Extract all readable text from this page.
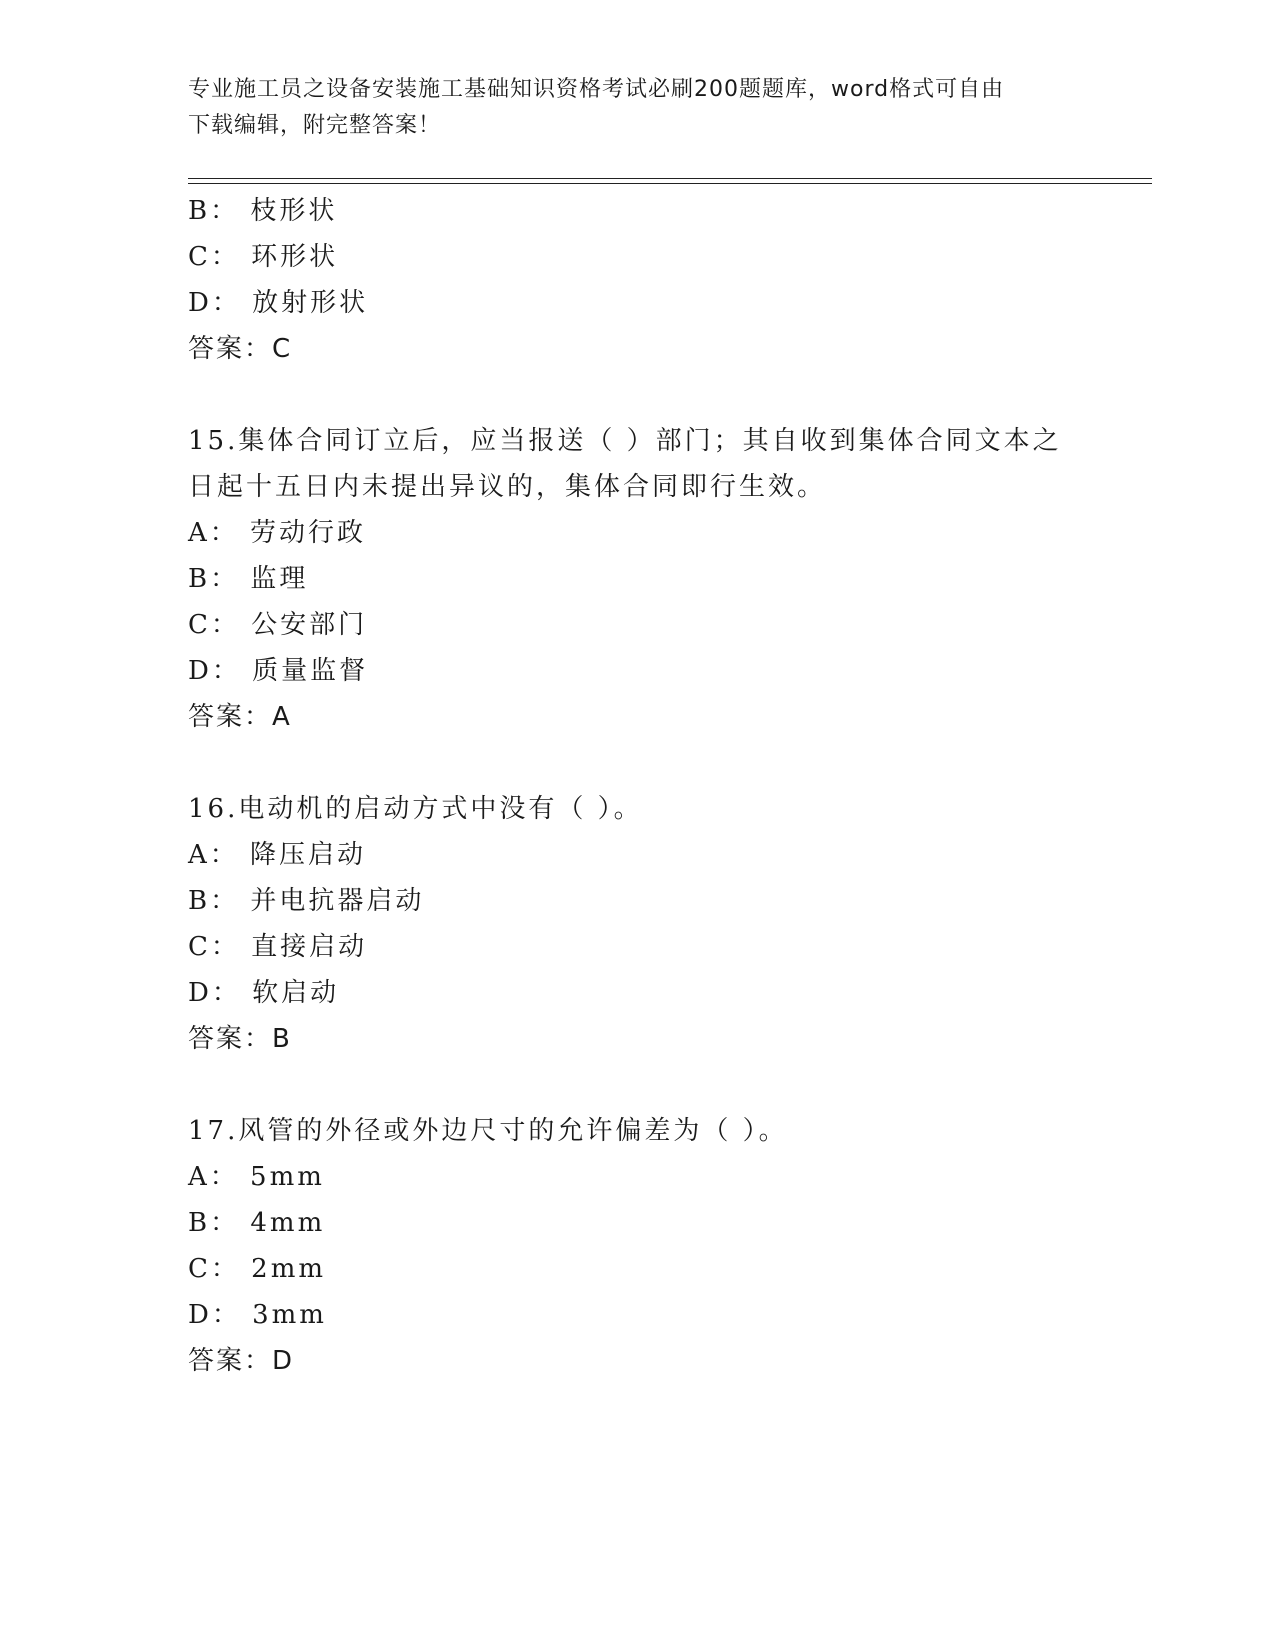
专业施工员之设备安装施工基础知识资格考试必刷200题题库，word格式可自由
下载编辑，附完整答案！
B： 枝形状
C： 环形状
D： 放射形状
答案：C
15.集体合同订立后，应当报送（ ）部门；其自收到集体合同文本之
日起十五日内未提出异议的，集体合同即行生效。
A： 劳动行政
B： 监理
C： 公安部门
D： 质量监督
答案：A
16.电动机的启动方式中没有（ ）。
A： 降压启动
B： 并电抗器启动
C： 直接启动
D： 软启动
答案：B
17.风管的外径或外边尺寸的允许偏差为（ ）。
A： 5mm
B： 4mm
C： 2mm
D： 3mm
答案：D
